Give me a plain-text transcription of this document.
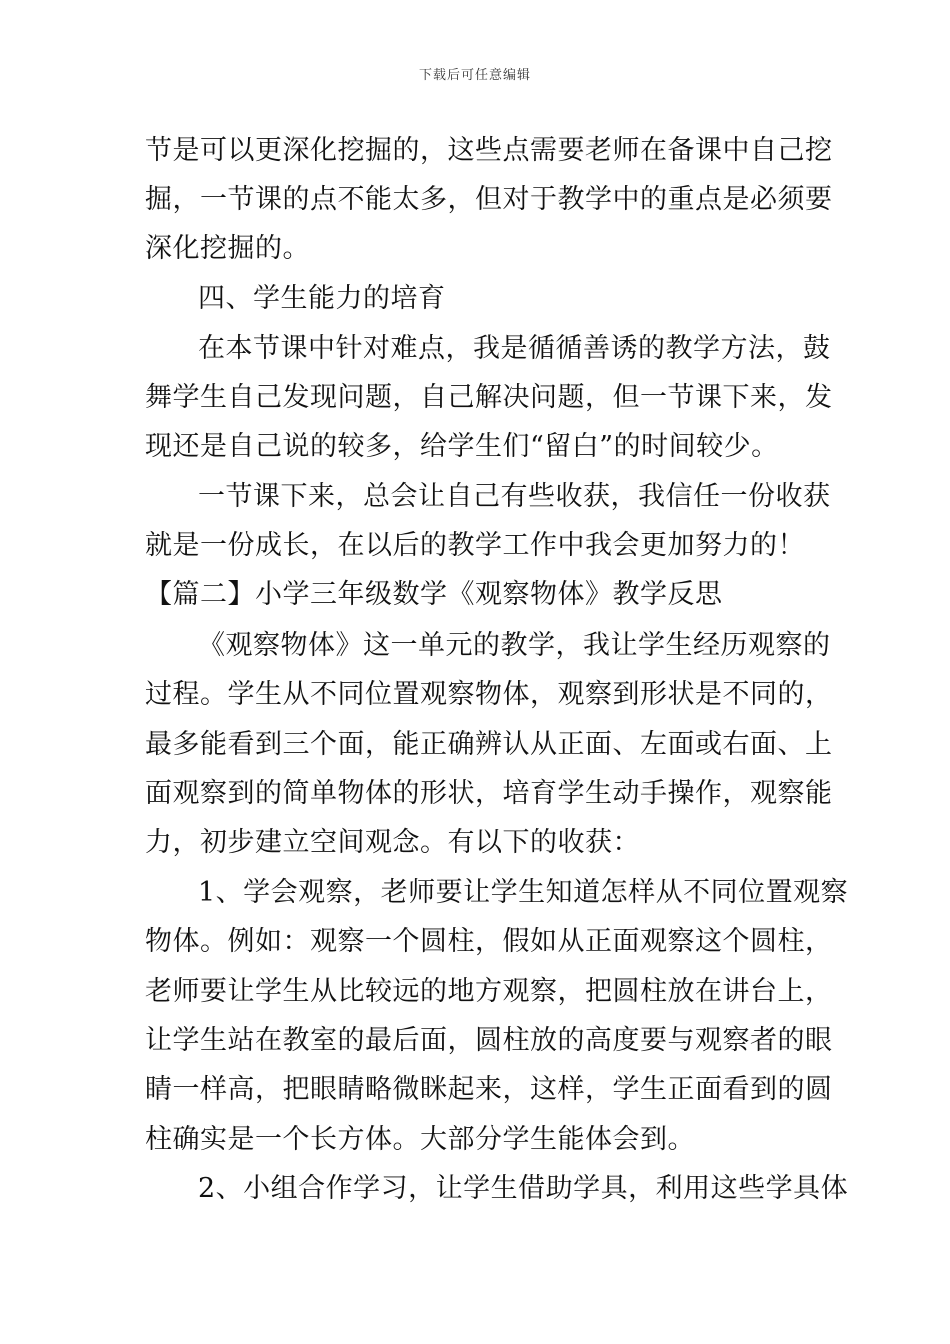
下载后可任意编辑
节是可以更深化挖掘的，这些点需要老师在备课中自己挖
掘，一节课的点不能太多，但对于教学中的重点是必须要
深化挖掘的。
四、学生能力的培育
在本节课中针对难点，我是循循善诱的教学方法，鼓
舞学生自己发现问题，自己解决问题，但一节课下来，发
现还是自己说的较多，给学生们“留白”的时间较少。
一节课下来，总会让自己有些收获，我信任一份收获
就是一份成长，在以后的教学工作中我会更加努力的！
【篇二】小学三年级数学《观察物体》教学反思
《观察物体》这一单元的教学，我让学生经历观察的
过程。学生从不同位置观察物体，观察到形状是不同的，
最多能看到三个面，能正确辨认从正面、左面或右面、上
面观察到的简单物体的形状，培育学生动手操作，观察能
力，初步建立空间观念。有以下的收获：
1、学会观察，老师要让学生知道怎样从不同位置观察
物体。例如：观察一个圆柱，假如从正面观察这个圆柱，
老师要让学生从比较远的地方观察，把圆柱放在讲台上，
让学生站在教室的最后面，圆柱放的高度要与观察者的眼
睛一样高，把眼睛略微眯起来，这样，学生正面看到的圆
柱确实是一个长方体。大部分学生能体会到。
2、小组合作学习，让学生借助学具，利用这些学具体
